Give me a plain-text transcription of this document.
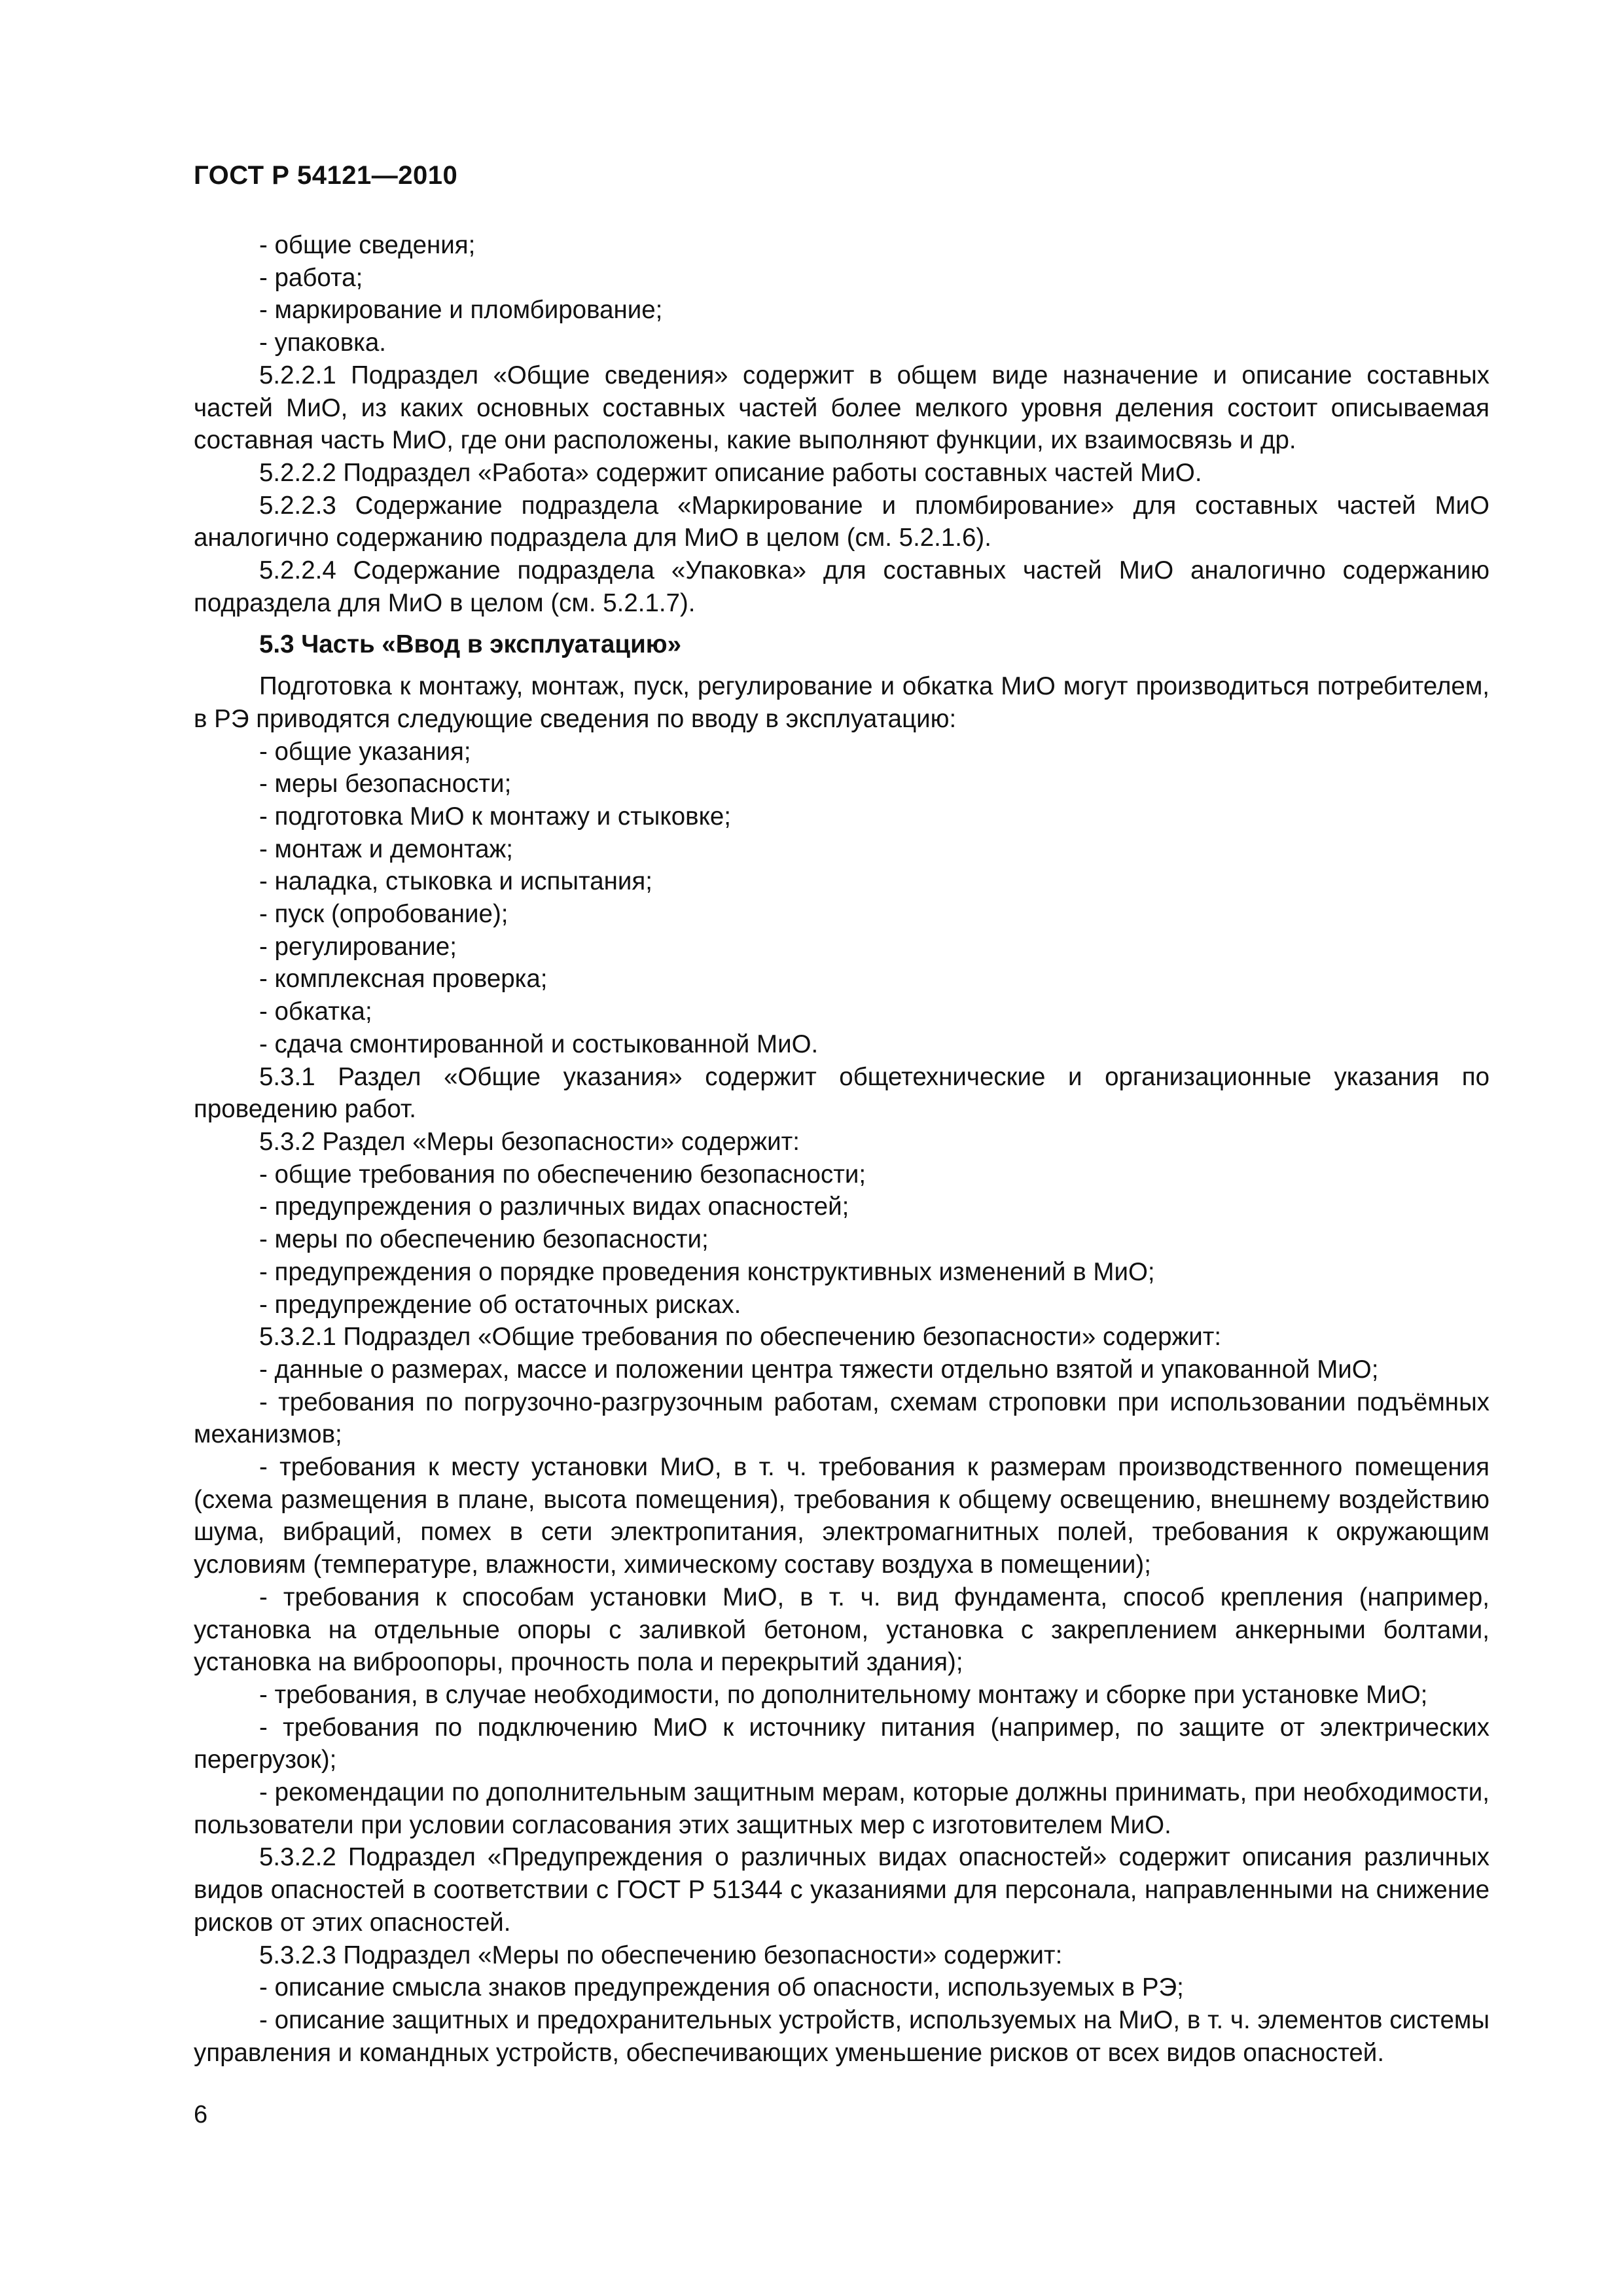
ГОСТ Р 54121—2010

- общие сведения;

- работа;

- маркирование и пломбирование;

- упаковка.

5.2.2.1 Подраздел «Общие сведения» содержит в общем виде назначение и описание составных частей МиО, из каких основных составных частей более мелкого уровня деления состоит описываемая составная часть МиО, где они расположены, какие выполняют функции, их взаимосвязь и др.

5.2.2.2 Подраздел «Работа» содержит описание работы составных частей МиО.

5.2.2.3 Содержание подраздела «Маркирование и пломбирование» для составных частей МиО аналогично содержанию подраздела для МиО в целом (см. 5.2.1.6).

5.2.2.4 Содержание подраздела «Упаковка» для составных частей МиО аналогично содержанию подраздела для МиО в целом (см. 5.2.1.7).

5.3 Часть «Ввод в эксплуатацию»

Подготовка к монтажу, монтаж, пуск, регулирование и обкатка МиО могут производиться потребителем, в РЭ приводятся следующие сведения по вводу в эксплуатацию:

- общие указания;

- меры безопасности;

- подготовка МиО к монтажу и стыковке;

- монтаж и демонтаж;

- наладка, стыковка и испытания;

- пуск (опробование);

- регулирование;

- комплексная проверка;

- обкатка;

- сдача смонтированной и состыкованной МиО.

5.3.1 Раздел «Общие указания» содержит общетехнические и организационные указания по проведению работ.

5.3.2 Раздел «Меры безопасности» содержит:

- общие требования по обеспечению безопасности;

- предупреждения о различных видах опасностей;

- меры по обеспечению безопасности;

- предупреждения о порядке проведения конструктивных изменений в МиО;

- предупреждение об остаточных рисках.

5.3.2.1 Подраздел «Общие требования по обеспечению безопасности» содержит:

- данные о размерах, массе и положении центра тяжести отдельно взятой и упакованной МиО;

- требования по погрузочно-разгрузочным работам, схемам строповки при использовании подъёмных механизмов;

- требования к месту установки МиО, в т. ч. требования к размерам производственного помещения (схема размещения в плане, высота помещения), требования к общему освещению, внешнему воздействию шума, вибраций, помех в сети электропитания, электромагнитных полей, требования к окружающим условиям (температуре, влажности, химическому составу воздуха в помещении);

- требования к способам установки МиО, в т. ч. вид фундамента, способ крепления (например, установка на отдельные опоры с заливкой бетоном, установка с закреплением анкерными болтами, установка на виброопоры, прочность пола и перекрытий здания);

- требования, в случае необходимости, по дополнительному монтажу и сборке при установке МиО;

- требования по подключению МиО к источнику питания (например, по защите от электрических перегрузок);

- рекомендации по дополнительным защитным мерам, которые должны принимать, при необходимости, пользователи при условии согласования этих защитных мер с изготовителем МиО.

5.3.2.2 Подраздел «Предупреждения о различных видах опасностей» содержит описания различных видов опасностей в соответствии с ГОСТ Р 51344 с указаниями для персонала, направленными на снижение рисков от этих опасностей.

5.3.2.3 Подраздел «Меры по обеспечению безопасности» содержит:

- описание смысла знаков предупреждения об опасности, используемых в РЭ;

- описание защитных и предохранительных устройств, используемых на МиО, в т. ч. элементов системы управления и командных устройств, обеспечивающих уменьшение рисков от всех видов опасностей.

6
